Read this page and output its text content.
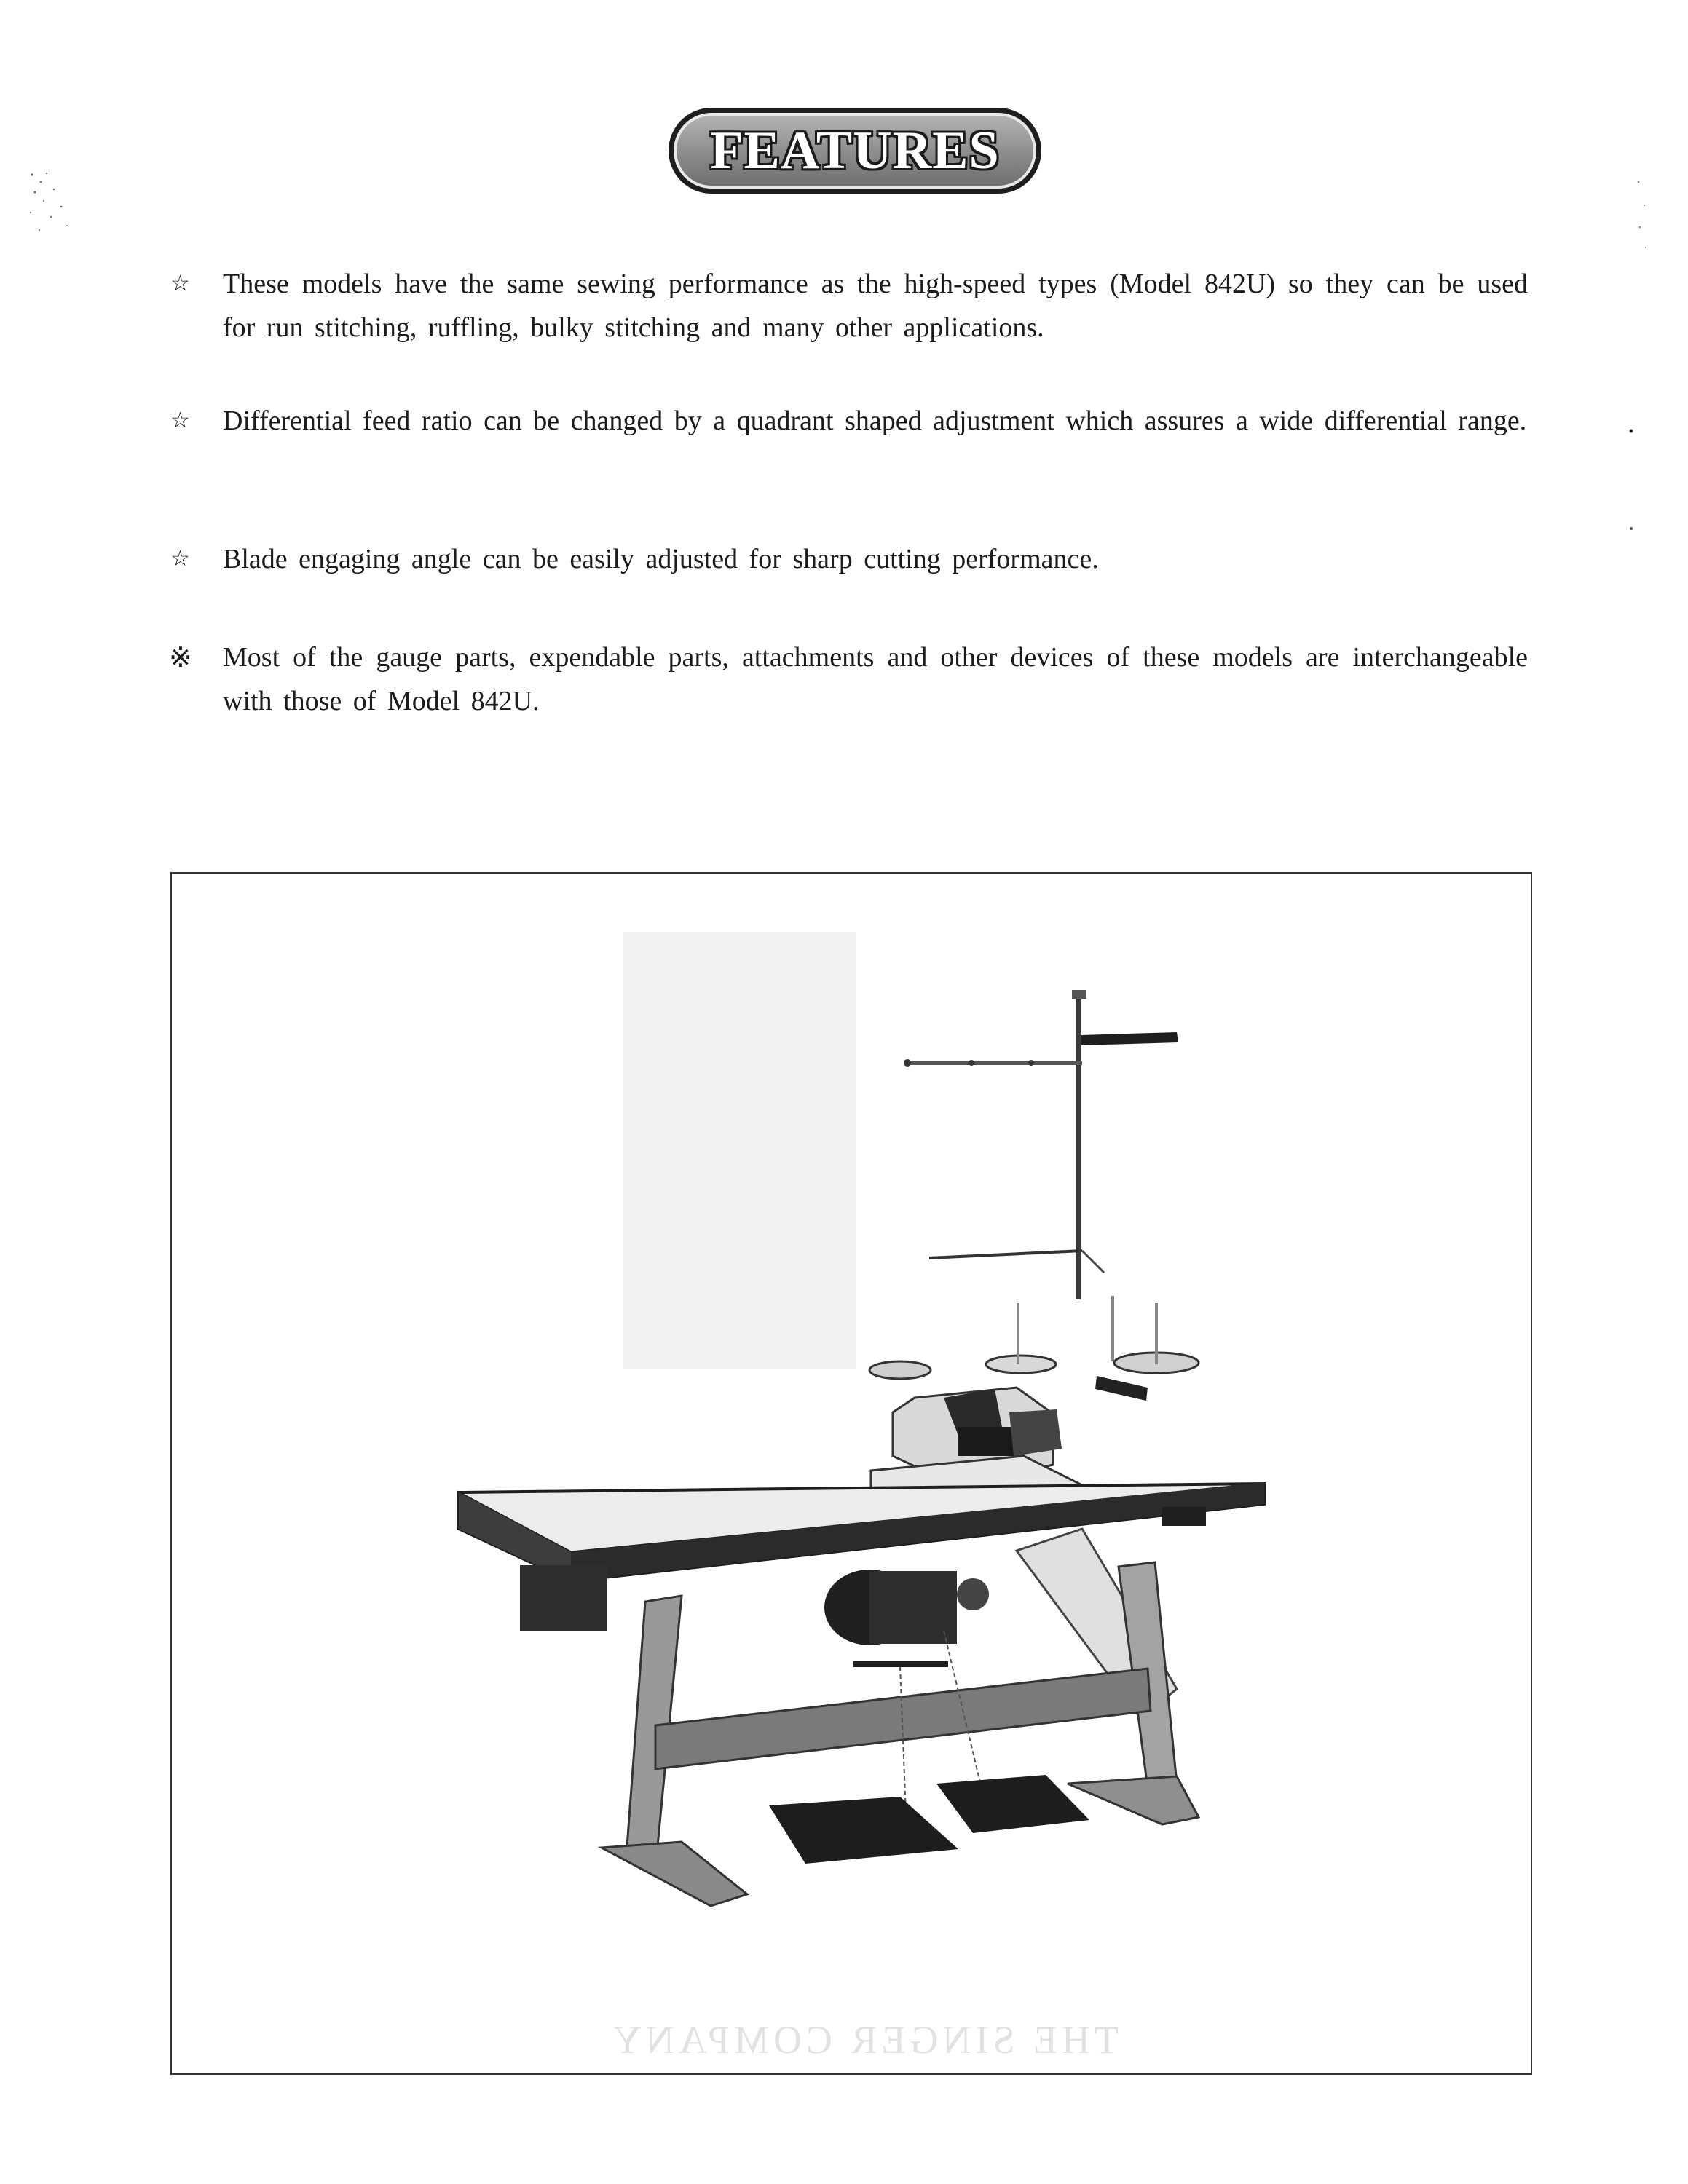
FEATURES
☆ These models have the same sewing performance as the high-speed types (Model 842U) so they can be used for run stitching, ruffling, bulky stitching and many other applications.
☆ Differential feed ratio can be changed by a quadrant shaped adjustment which assures a wide differential range.
☆ Blade engaging angle can be easily adjusted for sharp cutting performance.
※ Most of the gauge parts, expendable parts, attachments and other devices of these models are interchangeable with those of Model 842U.
THE SINGER COMPANY
